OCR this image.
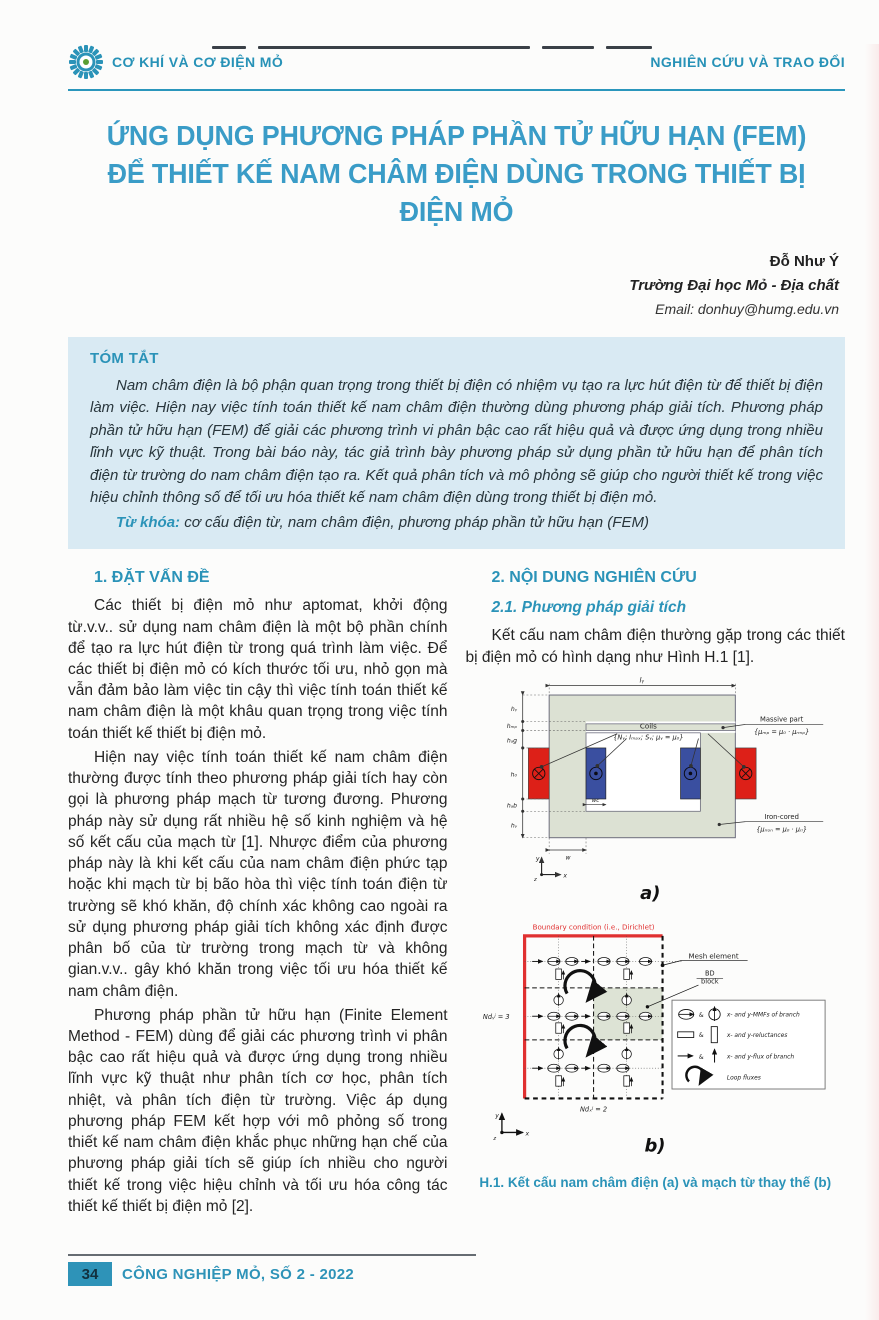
CƠ KHÍ VÀ CƠ ĐIỆN MỎ	NGHIÊN CỨU VÀ TRAO ĐỔI
ỨNG DỤNG PHƯƠNG PHÁP PHẦN TỬ HỮU HẠN (FEM)
ĐỂ THIẾT KẾ NAM CHÂM ĐIỆN DÙNG TRONG THIẾT BỊ ĐIỆN MỎ
Đỗ Như Ý
Trường Đại học Mỏ - Địa chất
Email: donhuy@humg.edu.vn
TÓM TẮT

Nam châm điện là bộ phận quan trọng trong thiết bị điện có nhiệm vụ tạo ra lực hút điện từ để thiết bị điện làm việc. Hiện nay việc tính toán thiết kế nam châm điện thường dùng phương pháp giải tích. Phương pháp phần tử hữu hạn (FEM) để giải các phương trình vi phân bậc cao rất hiệu quả và được ứng dụng trong nhiều lĩnh vực kỹ thuật. Trong bài báo này, tác giả trình bày phương pháp sử dụng phần tử hữu hạn để phân tích điện từ trường do nam châm điện tạo ra. Kết quả phân tích và mô phỏng sẽ giúp cho người thiết kế trong việc hiệu chỉnh thông số để tối ưu hóa thiết kế nam châm điện dùng trong thiết bị điện mỏ.

Từ khóa: cơ cấu điện từ, nam châm điện, phương pháp phần tử hữu hạn (FEM)

1. ĐẶT VẤN ĐỀ

Các thiết bị điện mỏ như aptomat, khởi động từ.v.v.. sử dụng nam châm điện là một bộ phần chính để tạo ra lực hút điện từ trong quá trình làm việc. Để các thiết bị điện mỏ có kích thước tối ưu, nhỏ gọn mà vẫn đảm bảo làm việc tin cậy thì việc tính toán thiết kế nam châm điện là một khâu quan trọng trong việc tính toán thiết kế thiết bị điện mỏ.

Hiện nay việc tính toán thiết kế nam châm điện thường được tính theo phương pháp giải tích hay còn gọi là phương pháp mạch từ tương đương. Phương pháp này sử dụng rất nhiều hệ số kinh nghiệm và hệ số kết cấu của mạch từ [1]. Nhược điểm của phương pháp này là khi kết cấu của nam châm điện phức tạp hoặc khi mạch từ bị bão hòa thì việc tính toán điện từ trường sẽ khó khăn, độ chính xác không cao ngoài ra sử dụng phương pháp giải tích không xác định được phân bố của từ trường trong mạch từ và không gian.v.v.. gây khó khăn trong việc tối ưu hóa thiết kế nam châm điện.

Phương pháp phần tử hữu hạn (Finite Element Method - FEM) dùng để giải các phương trình vi phân bậc cao rất hiệu quả và được ứng dụng trong nhiều lĩnh vực kỹ thuật như phân tích cơ học, phân tích nhiệt, và phân tích điện từ trường. Việc áp dụng phương pháp FEM kết hợp với mô phỏng số trong thiết kế nam châm điện khắc phục những hạn chế của phương pháp giải tích sẽ giúp ích nhiều cho người thiết kế trong việc hiệu chỉnh và tối ưu hóa công tác thiết kế thiết bị điện mỏ [2].

2. NỘI DUNG NGHIÊN CỨU
2.1. Phương pháp giải tích

Kết cấu nam châm điện thường gặp trong các thiết bị điện mỏ có hình dạng như Hình H.1 [1].

lᵧ
Coils
{Nᵧ; Iₘₐₓ; Sᵧ; μᵧ = μ₀}
Massive part
{μₘₚ = μ₀ · μᵣₘₚ}
Iron-cored
{μᵢᵣₒₙ = μ₀ · μᵣᵢ}
hᵧ
hₘₚ
hₐg
h₀
hₐb
hᵧ
wc
w
y
x
z
a)
Boundary condition (i.e., Dirichlet)
Mesh element
BD
block
&
&
&
x- and y-MMFs of branch
x- and y-reluctances
x- and y-flux of branch
Loop fluxes
Ndᵧʲ = 3
Ndₓʲ = 2
y
x
z	b)
H.1. Kết cấu nam châm điện (a) và mạch từ thay thế (b)
34	CÔNG NGHIỆP MỎ, SỐ 2 - 2022
